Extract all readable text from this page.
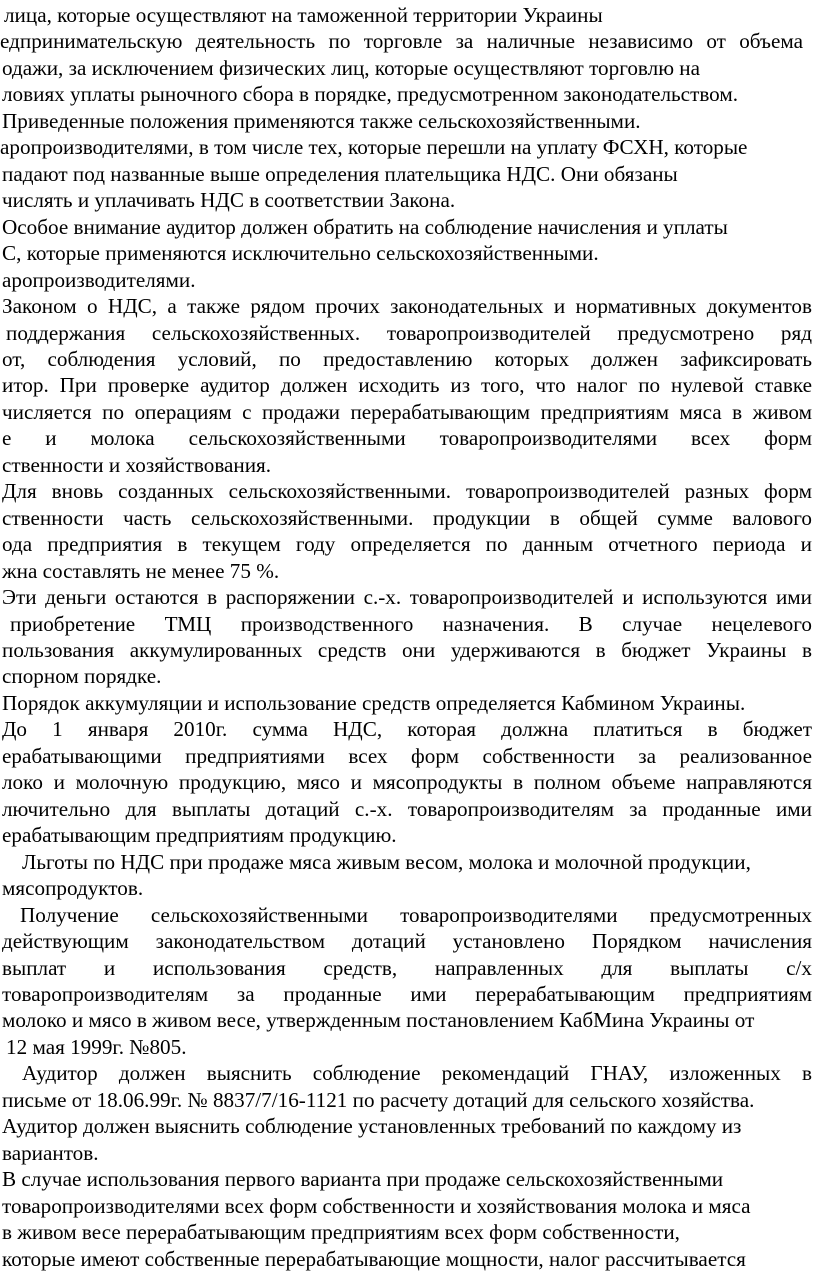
лица, которые осуществляют на таможенной территории Украины
едпринимательскую деятельность по торговле за наличные независимо от объема
одажи, за исключением физических лиц, которые осуществляют торговлю на
ловиях уплаты рыночного сбора в порядке, предусмотренном законодательством.
Приведенные положения применяются также сельскохозяйственными.
аропроизводителями, в том числе тех, которые перешли на уплату ФСХН, которые
падают под названные выше определения плательщика НДС. Они обязаны
числять и уплачивать НДС в соответствии Закона.
Особое внимание аудитор должен обратить на соблюдение начисления и уплаты
С, которые применяются исключительно сельскохозяйственными.
аропроизводителями.
Законом о НДС, а также рядом прочих законодательных и нормативных документов
поддержания сельскохозяйственных. товаропроизводителей предусмотрено ряд
от, соблюдения условий, по предоставлению которых должен зафиксировать
итор. При проверке аудитор должен исходить из того, что налог по нулевой ставке
числяется по операциям с продажи перерабатывающим предприятиям мяса в живом
е и молока сельскохозяйственными товаропроизводителями всех форм
ственности и хозяйствования.
Для вновь созданных сельскохозяйственными. товаропроизводителей разных форм
ственности часть сельскохозяйственными. продукции в общей сумме валового
ода предприятия в текущем году определяется по данным отчетного периода и
жна составлять не менее 75 %.
Эти деньги остаются в распоряжении с.-х. товаропроизводителей и используются ими
приобретение ТМЦ производственного назначения. В случае нецелевого
пользования аккумулированных средств они удерживаются в бюджет Украины в
спорном порядке.
Порядок аккумуляции и использование средств определяется Кабмином Украины.
До 1 января 2010г. сумма НДС, которая должна платиться в бюджет
ерабатывающими предприятиями всех форм собственности за реализованное
локо и молочную продукцию, мясо и мясопродукты в полном объеме направляются
лючительно для выплаты дотаций с.-х. товаропроизводителям за проданные ими
ерабатывающим предприятиям продукцию.
Льготы по НДС при продаже мяса живым весом, молока и молочной продукции,
мясопродуктов.
Получение сельскохозяйственными товаропроизводителями предусмотренных
действующим законодательством дотаций установлено Порядком начисления
выплат и использования средств, направленных для выплаты с/х
товаропроизводителям за проданные ими перерабатывающим предприятиям
молоко и мясо в живом весе, утвержденным постановлением КабМина Украины от
12 мая 1999г. №805.
Аудитор должен выяснить соблюдение рекомендаций ГНАУ, изложенных в
письме от 18.06.99г. № 8837/7/16-1121 по расчету дотаций для сельского хозяйства.
Аудитор должен выяснить соблюдение установленных требований по каждому из
вариантов.
В случае использования первого варианта при продаже сельскохозяйственными
товаропроизводителями всех форм собственности и хозяйствования молока и мяса
в живом весе перерабатывающим предприятиям всех форм собственности,
которые имеют собственные перерабатывающие мощности, налог рассчитывается
